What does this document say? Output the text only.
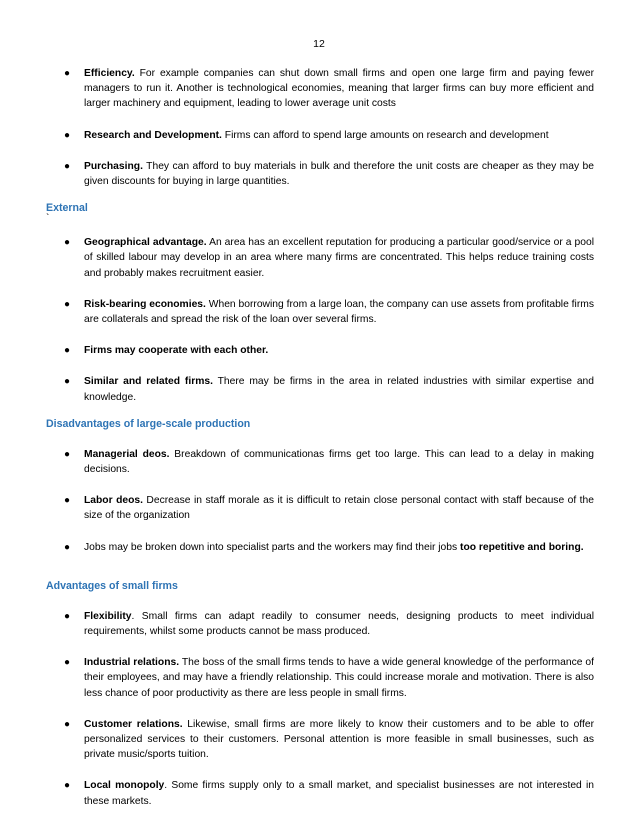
12
● Efficiency. For example companies can shut down small firms and open one large firm and paying fewer managers to run it. Another is technological economies, meaning that larger firms can buy more efficient and larger machinery and equipment, leading to lower average unit costs
● Research and Development. Firms can afford to spend large amounts on research and development
● Purchasing. They can afford to buy materials in bulk and therefore the unit costs are cheaper as they may be given discounts for buying in large quantities.

External

`

● Geographical advantage. An area has an excellent reputation for producing a particular good/service or a pool of skilled labour may develop in an area where many firms are concentrated. This helps reduce training costs and probably makes recruitment easier.
● Risk-bearing economies. When borrowing from a large loan, the company can use assets from profitable firms are collaterals and spread the risk of the loan over several firms.
● Firms may cooperate with each other.
● Similar and related firms. There may be firms in the area in related industries with similar expertise and knowledge.

Disadvantages of large-scale production

● Managerial deos. Breakdown of communicationas firms get too large. This can lead to a delay in making decisions.
● Labor deos. Decrease in staff morale as it is difficult to retain close personal contact with staff because of the size of the organization
● Jobs may be broken down into specialist parts and the workers may find their jobs too repetitive and boring.

Advantages of small firms

● Flexibility. Small firms can adapt readily to consumer needs, designing products to meet individual requirements, whilst some products cannot be mass produced.
● Industrial relations. The boss of the small firms tends to have a wide general knowledge of the performance of their employees, and may have a friendly relationship. This could increase morale and motivation. There is also less chance of poor productivity as there are less people in small firms.
● Customer relations. Likewise, small firms are more likely to know their customers and to be able to offer personalized services to their customers. Personal attention is more feasible in small businesses, such as private music/sports tuition.
● Local monopoly. Some firms supply only to a small market, and specialist businesses are not interested in these markets.
